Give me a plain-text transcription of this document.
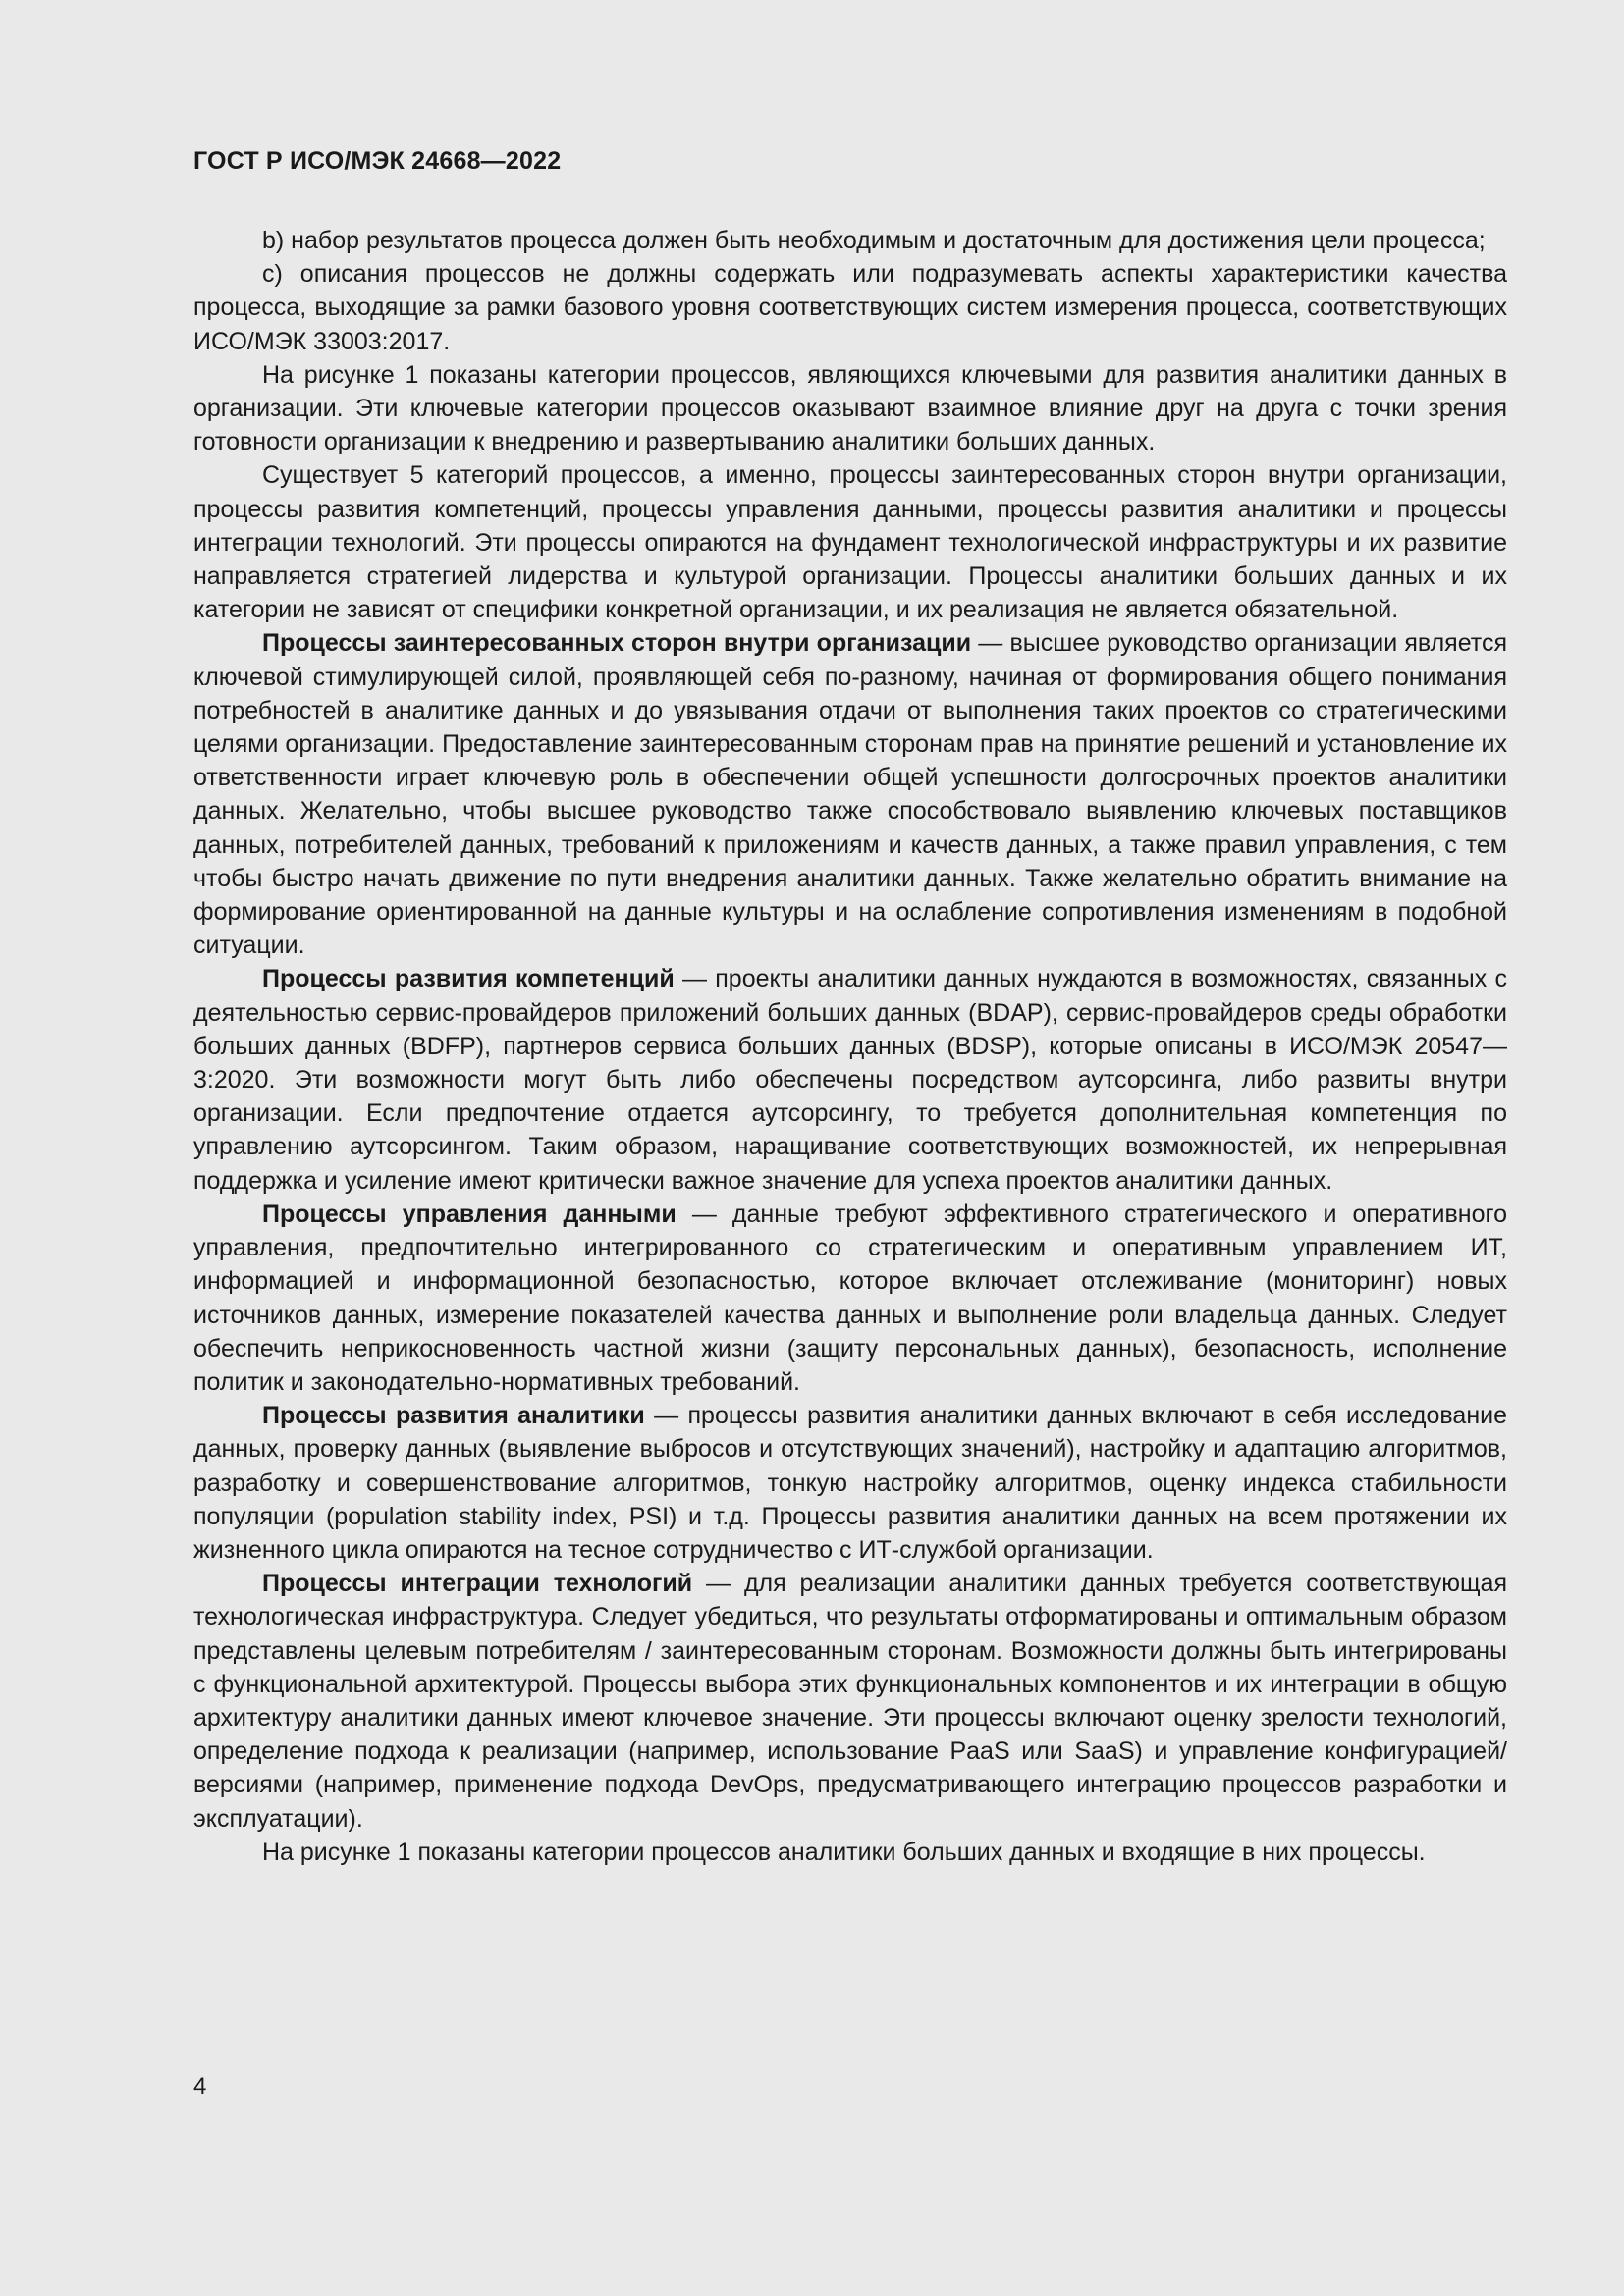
ГОСТ Р ИСО/МЭК 24668—2022

b) набор результатов процесса должен быть необходимым и достаточным для достижения цели процесса;

c) описания процессов не должны содержать или подразумевать аспекты характеристики качества процесса, выходящие за рамки базового уровня соответствующих систем измерения процесса, соответствующих ИСО/МЭК 33003:2017.

На рисунке 1 показаны категории процессов, являющихся ключевыми для развития аналитики данных в организации. Эти ключевые категории процессов оказывают взаимное влияние друг на друга с точки зрения готовности организации к внедрению и развертыванию аналитики больших данных.

Существует 5 категорий процессов, а именно, процессы заинтересованных сторон внутри организации, процессы развития компетенций, процессы управления данными, процессы развития аналитики и процессы интеграции технологий. Эти процессы опираются на фундамент технологической инфраструктуры и их развитие направляется стратегией лидерства и культурой организации. Процессы аналитики больших данных и их категории не зависят от специфики конкретной организации, и их реализация не является обязательной.

Процессы заинтересованных сторон внутри организации — высшее руководство организации является ключевой стимулирующей силой, проявляющей себя по-разному, начиная от формирования общего понимания потребностей в аналитике данных и до увязывания отдачи от выполнения таких проектов со стратегическими целями организации. Предоставление заинтересованным сторонам прав на принятие решений и установление их ответственности играет ключевую роль в обеспечении общей успешности долгосрочных проектов аналитики данных. Желательно, чтобы высшее руководство также способствовало выявлению ключевых поставщиков данных, потребителей данных, требований к приложениям и качеств данных, а также правил управления, с тем чтобы быстро начать движение по пути внедрения аналитики данных. Также желательно обратить внимание на формирование ориентированной на данные культуры и на ослабление сопротивления изменениям в подобной ситуации.

Процессы развития компетенций — проекты аналитики данных нуждаются в возможностях, связанных с деятельностью сервис-провайдеров приложений больших данных (BDAP), сервис-провайдеров среды обработки больших данных (BDFP), партнеров сервиса больших данных (BDSP), которые описаны в ИСО/МЭК 20547—3:2020. Эти возможности могут быть либо обеспечены посредством аутсорсинга, либо развиты внутри организации. Если предпочтение отдается аутсорсингу, то требуется дополнительная компетенция по управлению аутсорсингом. Таким образом, наращивание соответствующих возможностей, их непрерывная поддержка и усиление имеют критически важное значение для успеха проектов аналитики данных.

Процессы управления данными — данные требуют эффективного стратегического и оперативного управления, предпочтительно интегрированного со стратегическим и оперативным управлением ИТ, информацией и информационной безопасностью, которое включает отслеживание (мониторинг) новых источников данных, измерение показателей качества данных и выполнение роли владельца данных. Следует обеспечить неприкосновенность частной жизни (защиту персональных данных), безопасность, исполнение политик и законодательно-нормативных требований.

Процессы развития аналитики — процессы развития аналитики данных включают в себя исследование данных, проверку данных (выявление выбросов и отсутствующих значений), настройку и адаптацию алгоритмов, разработку и совершенствование алгоритмов, тонкую настройку алгоритмов, оценку индекса стабильности популяции (population stability index, PSI) и т.д. Процессы развития аналитики данных на всем протяжении их жизненного цикла опираются на тесное сотрудничество с ИТ-службой организации.

Процессы интеграции технологий — для реализации аналитики данных требуется соответствующая технологическая инфраструктура. Следует убедиться, что результаты отформатированы и оптимальным образом представлены целевым потребителям / заинтересованным сторонам. Возможности должны быть интегрированы с функциональной архитектурой. Процессы выбора этих функциональных компонентов и их интеграции в общую архитектуру аналитики данных имеют ключевое значение. Эти процессы включают оценку зрелости технологий, определение подхода к реализации (например, использование PaaS или SaaS) и управление конфигурацией/версиями (например, применение подхода DevOps, предусматривающего интеграцию процессов разработки и эксплуатации).

На рисунке 1 показаны категории процессов аналитики больших данных и входящие в них процессы.

4
